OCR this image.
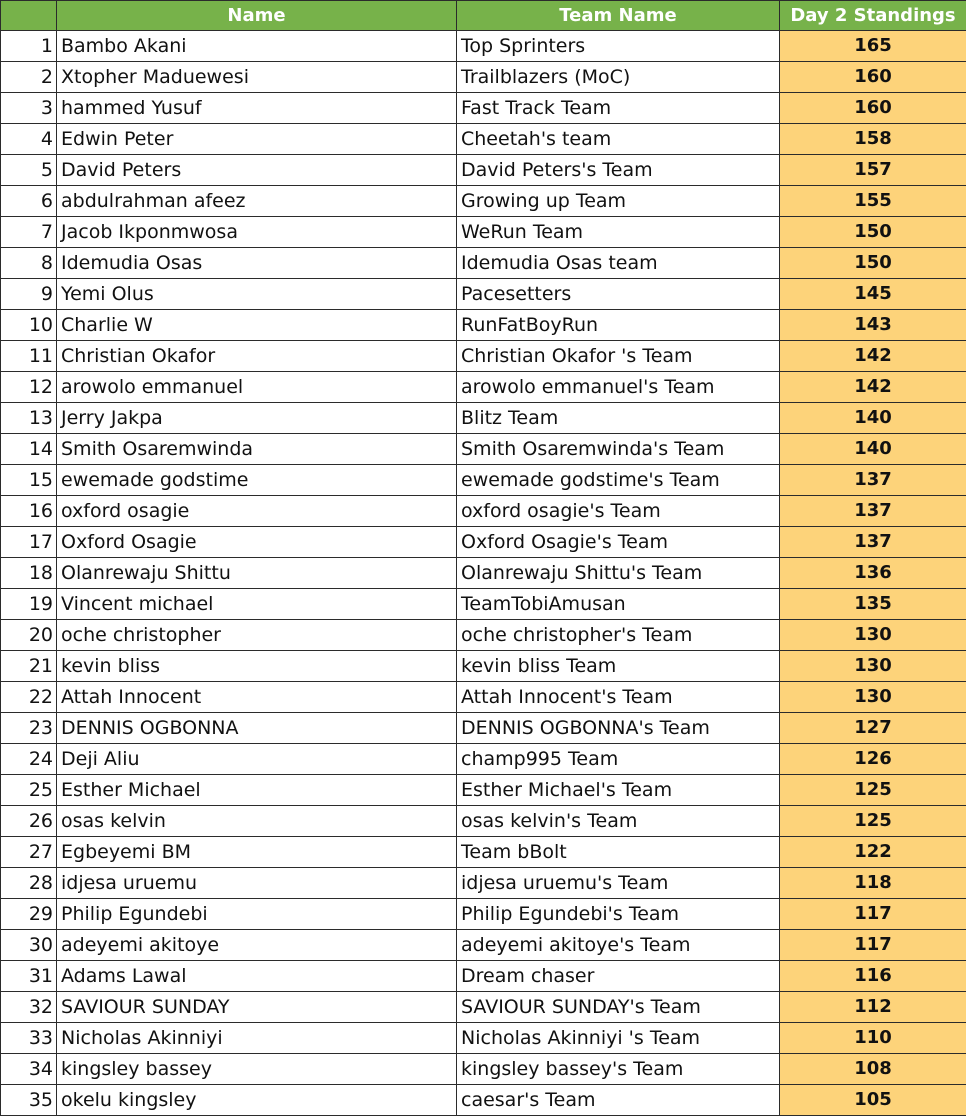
	Name	Team Name	Day 2 Standings
1	Bambo Akani	Top Sprinters	165
2	Xtopher Maduewesi	Trailblazers (MoC)	160
3	hammed Yusuf	Fast Track Team	160
4	Edwin Peter	Cheetah's team	158
5	David Peters	David Peters's Team	157
6	abdulrahman afeez	Growing up Team	155
7	Jacob Ikponmwosa	WeRun Team	150
8	Idemudia Osas	Idemudia Osas team	150
9	Yemi Olus	Pacesetters	145
10	Charlie W	RunFatBoyRun	143
11	Christian Okafor	Christian Okafor 's Team	142
12	arowolo emmanuel	arowolo emmanuel's Team	142
13	Jerry Jakpa	Blitz Team	140
14	Smith Osaremwinda	Smith Osaremwinda's Team	140
15	ewemade godstime	ewemade godstime's Team	137
16	oxford osagie	oxford osagie's Team	137
17	Oxford Osagie	Oxford Osagie's Team	137
18	Olanrewaju Shittu	Olanrewaju Shittu's Team	136
19	Vincent michael	TeamTobiAmusan	135
20	oche christopher	oche christopher's Team	130
21	kevin bliss	kevin bliss Team	130
22	Attah Innocent	Attah Innocent's Team	130
23	DENNIS OGBONNA	DENNIS OGBONNA's Team	127
24	Deji Aliu	champ995 Team	126
25	Esther Michael	Esther Michael's Team	125
26	osas kelvin	osas kelvin's Team	125
27	Egbeyemi BM	Team bBolt	122
28	idjesa uruemu	idjesa uruemu's Team	118
29	Philip Egundebi	Philip Egundebi's Team	117
30	adeyemi akitoye	adeyemi akitoye's Team	117
31	Adams Lawal	Dream chaser	116
32	SAVIOUR SUNDAY	SAVIOUR SUNDAY's Team	112
33	Nicholas Akinniyi	Nicholas Akinniyi 's Team	110
34	kingsley bassey	kingsley bassey's Team	108
35	okelu kingsley	caesar's Team	105
